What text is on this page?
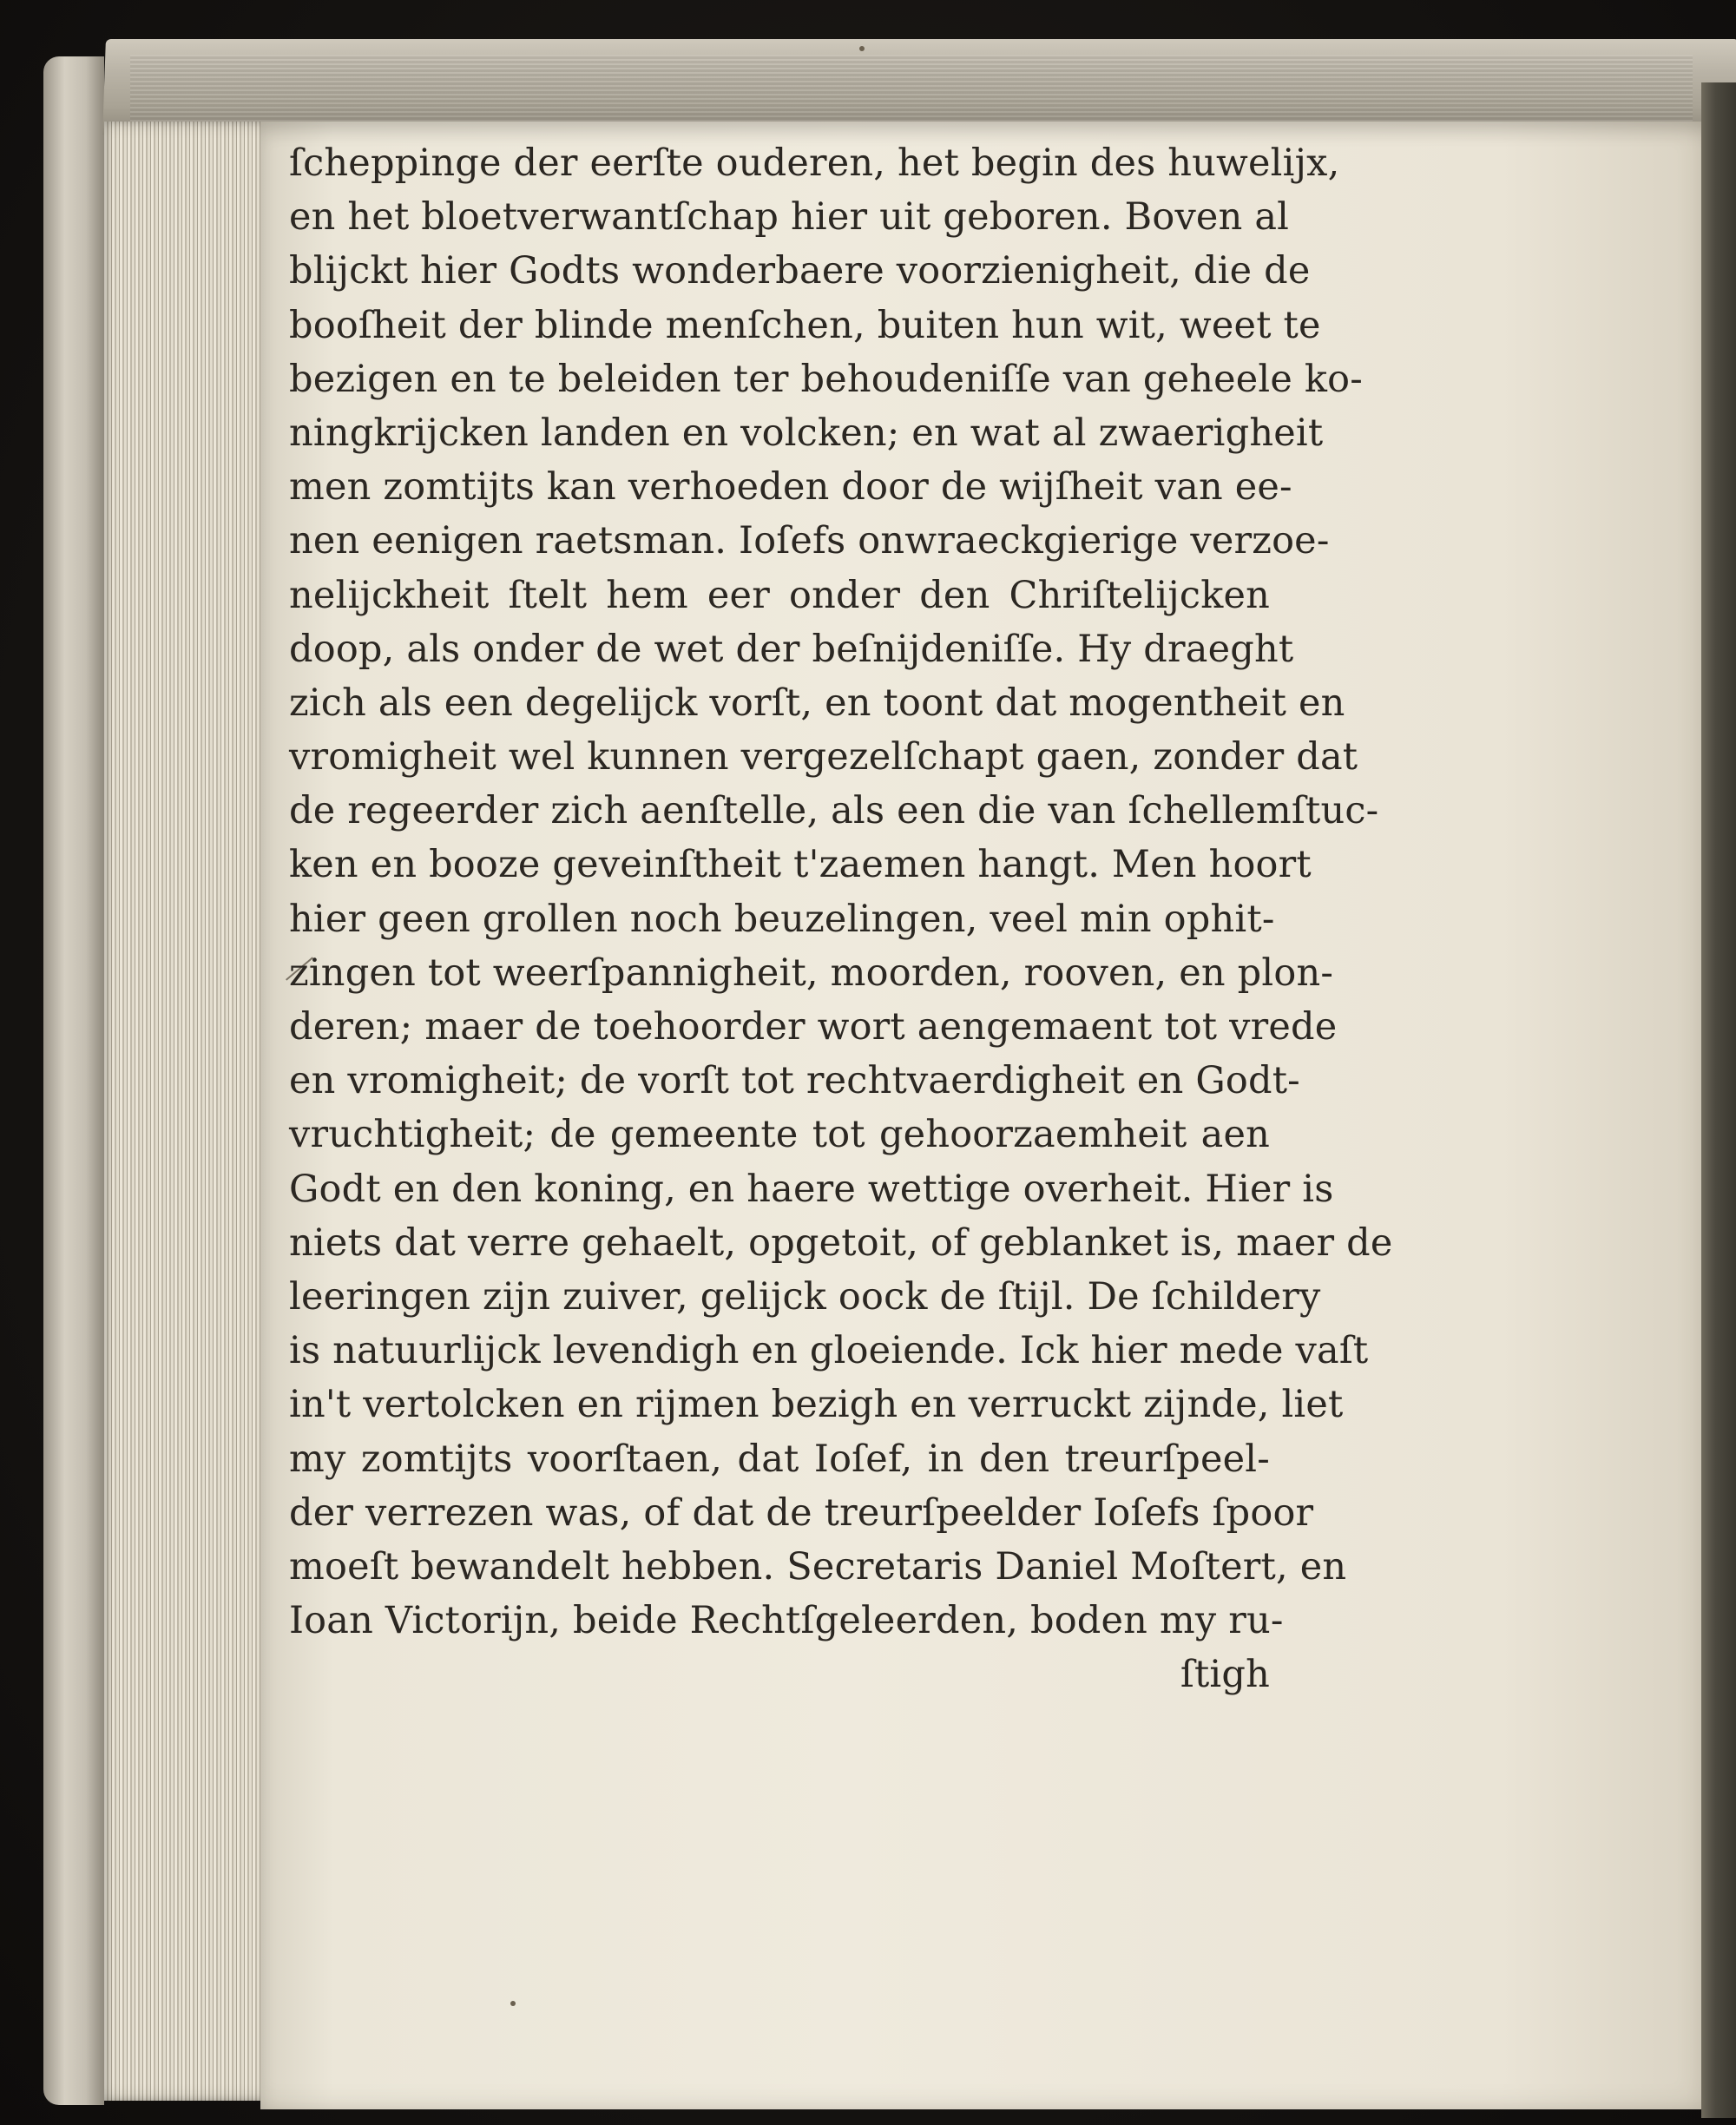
ſcheppinge der eerſte ouderen, het begin des huwelijx,
en het bloetverwantſchap hier uit geboren. Boven al
blijckt hier Godts wonderbaere voorzienigheit, die de
booſheit der blinde menſchen, buiten hun wit, weet te
bezigen en te beleiden ter behoudeniſſe van geheele ko-
ningkrijcken landen en volcken; en wat al zwaerigheit
men zomtijts kan verhoeden door de wijſheit van ee-
nen eenigen raetsman. Ioſefs onwraeckgierige verzoe-
nelijckheit ſtelt hem eer onder den Chriſtelijcken
doop, als onder de wet der beſnijdeniſſe. Hy draeght
zich als een degelijck vorſt, en toont dat mogentheit en
vromigheit wel kunnen vergezelſchapt gaen, zonder dat
de regeerder zich aenſtelle, als een die van ſchellemſtuc-
ken en booze geveinſtheit t'zaemen hangt. Men hoort
hier geen grollen noch beuzelingen, veel min ophit-
zingen tot weerſpannigheit, moorden, rooven, en plon-
deren; maer de toehoorder wort aengemaent tot vrede
en vromigheit; de vorſt tot rechtvaerdigheit en Godt-
vruchtigheit; de gemeente tot gehoorzaemheit aen
Godt en den koning, en haere wettige overheit. Hier is
niets dat verre gehaelt, opgetoit, of geblanket is, maer de
leeringen zijn zuiver, gelijck oock de ſtijl. De ſchildery
is natuurlijck levendigh en gloeiende. Ick hier mede vaſt
in't vertolcken en rijmen bezigh en verruckt zijnde, liet
my zomtijts voorſtaen, dat Ioſef, in den treurſpeel-
der verrezen was, of dat de treurſpeelder Ioſefs ſpoor
moeſt bewandelt hebben. Secretaris Daniel Moſtert, en
Ioan Victorijn, beide Rechtſgeleerden, boden my ru-
ſtigh
